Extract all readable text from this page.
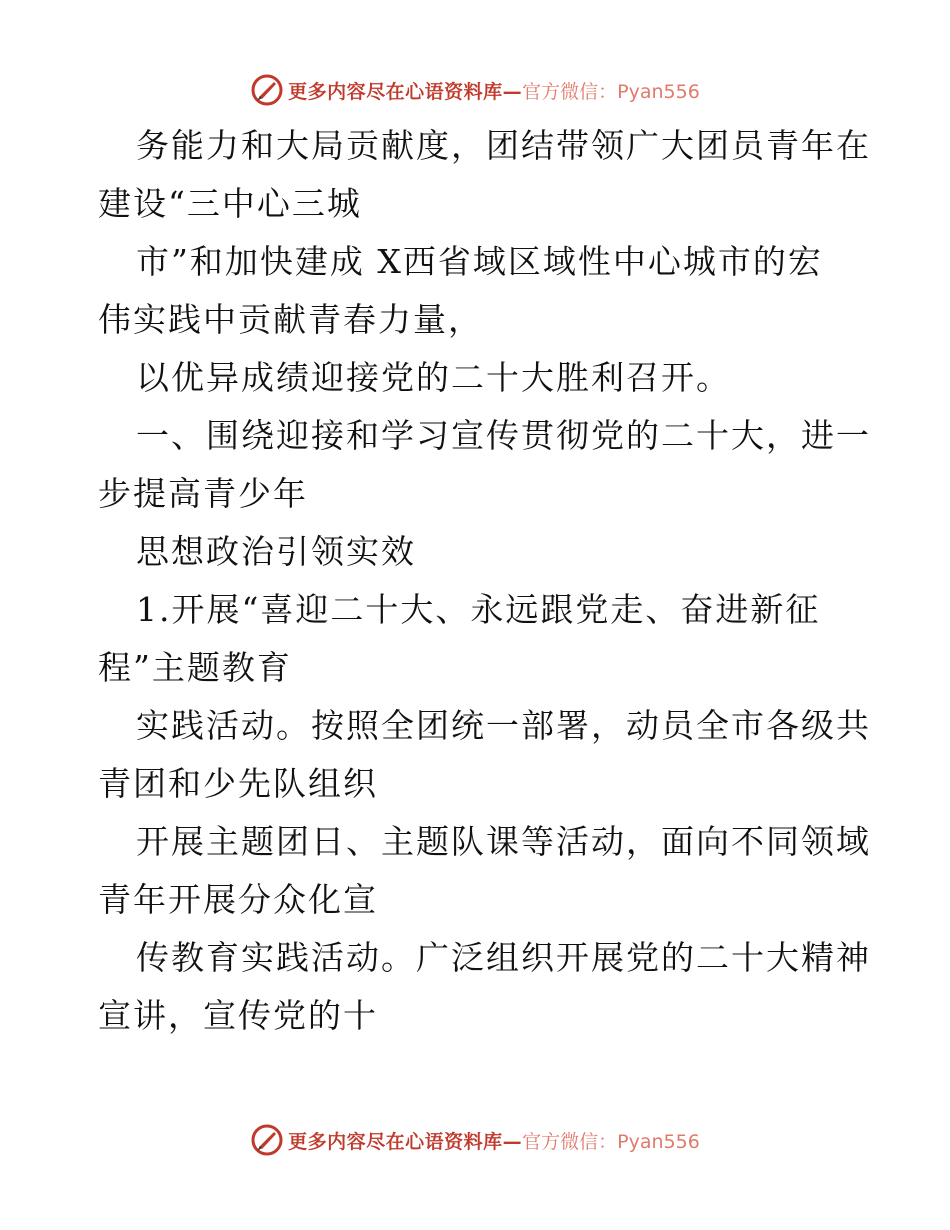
更多内容尽在心语资料库— 官方微信：Pyan556
务能力和大局贡献度，团结带领广大团员青年在
建设“三中心三城
市”和加快建成 X西省域区域性中心城市的宏
伟实践中贡献青春力量，
以优异成绩迎接党的二十大胜利召开。
一、围绕迎接和学习宣传贯彻党的二十大，进一
步提高青少年
思想政治引领实效
1.开展“喜迎二十大、永远跟党走、奋进新征
程”主题教育
实践活动。按照全团统一部署，动员全市各级共
青团和少先队组织
开展主题团日、主题队课等活动，面向不同领域
青年开展分众化宣
传教育实践活动。广泛组织开展党的二十大精神
宣讲，宣传党的十
更多内容尽在心语资料库— 官方微信：Pyan556
